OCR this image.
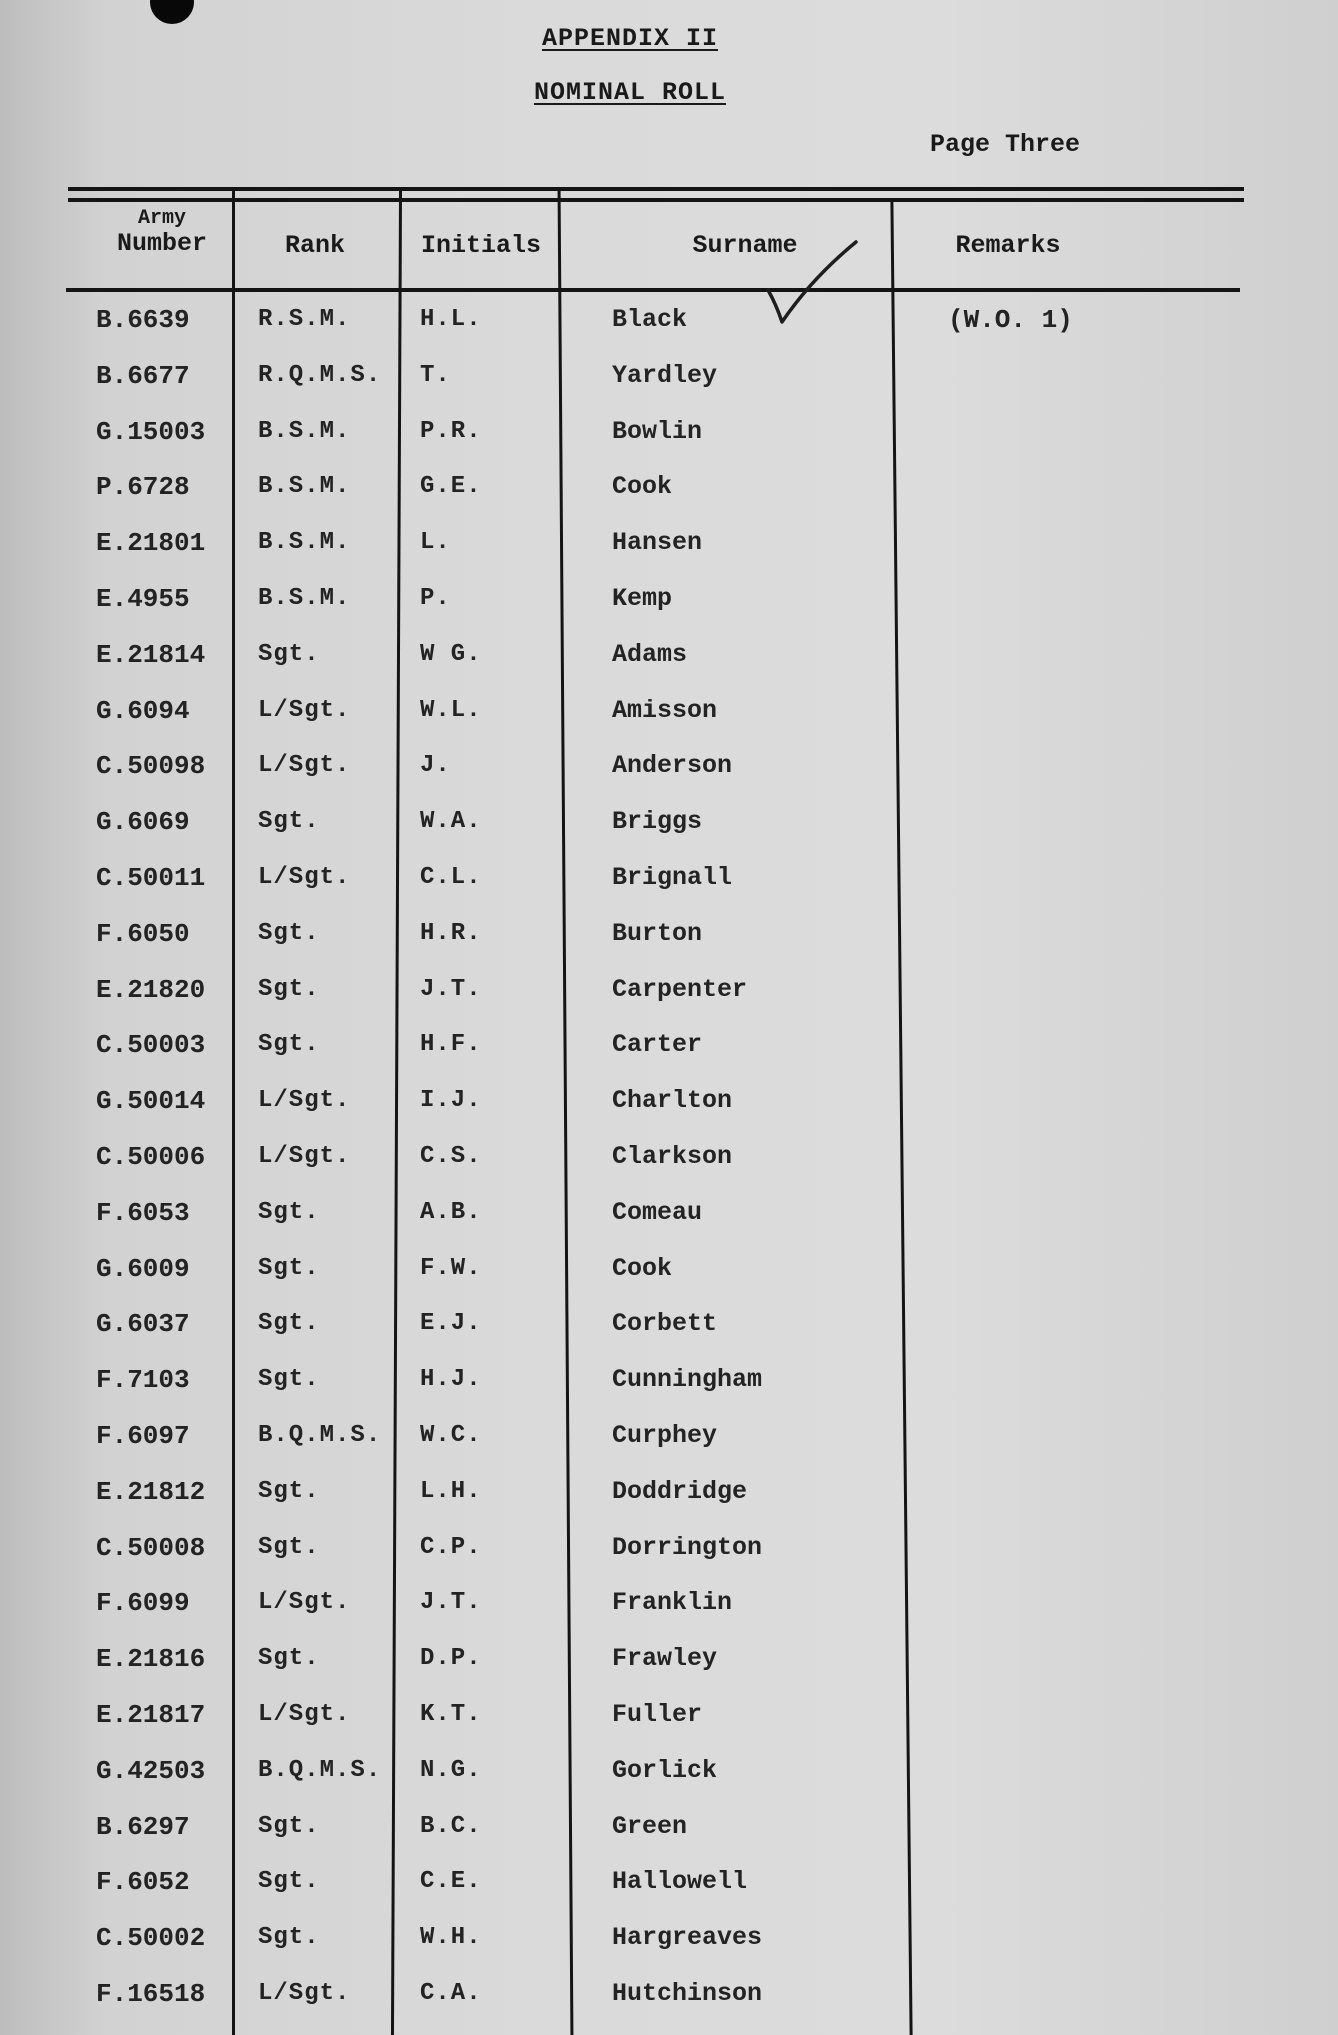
APPENDIX II
NOMINAL ROLL
Page Three
Army
Number	Rank	Initials	Surname	Remarks
B.6639	R.S.M.	H.L.	Black	(W.O. 1)
B.6677	R.Q.M.S.	T.	Yardley
G.15003	B.S.M.	P.R.	Bowlin
P.6728	B.S.M.	G.E.	Cook
E.21801	B.S.M.	L.	Hansen
E.4955	B.S.M.	P.	Kemp
E.21814	Sgt.	W G.	Adams
G.6094	L/Sgt.	W.L.	Amisson
C.50098	L/Sgt.	J.	Anderson
G.6069	Sgt.	W.A.	Briggs
C.50011	L/Sgt.	C.L.	Brignall
F.6050	Sgt.	H.R.	Burton
E.21820	Sgt.	J.T.	Carpenter
C.50003	Sgt.	H.F.	Carter
G.50014	L/Sgt.	I.J.	Charlton
C.50006	L/Sgt.	C.S.	Clarkson
F.6053	Sgt.	A.B.	Comeau
G.6009	Sgt.	F.W.	Cook
G.6037	Sgt.	E.J.	Corbett
F.7103	Sgt.	H.J.	Cunningham
F.6097	B.Q.M.S.	W.C.	Curphey
E.21812	Sgt.	L.H.	Doddridge
C.50008	Sgt.	C.P.	Dorrington
F.6099	L/Sgt.	J.T.	Franklin
E.21816	Sgt.	D.P.	Frawley
E.21817	L/Sgt.	K.T.	Fuller
G.42503	B.Q.M.S.	N.G.	Gorlick
B.6297	Sgt.	B.C.	Green
F.6052	Sgt.	C.E.	Hallowell
C.50002	Sgt.	W.H.	Hargreaves
F.16518	L/Sgt.	C.A.	Hutchinson
